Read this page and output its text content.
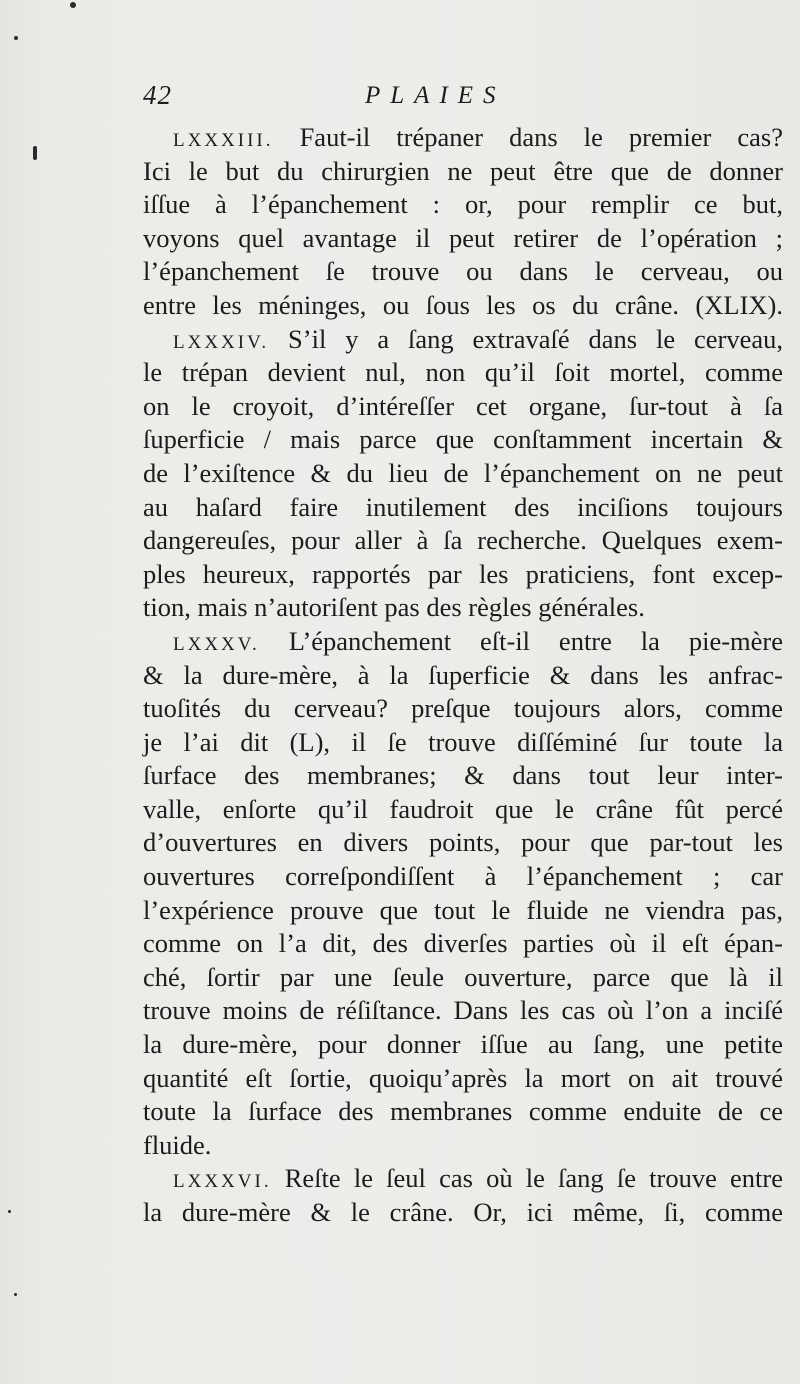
42	PLAIES
LXXXIII. Faut-il trépaner dans le premier cas?
Ici le but du chirurgien ne peut être que de donner
iſſue à l’épanchement : or, pour remplir ce but,
voyons quel avantage il peut retirer de l’opération ;
l’épanchement ſe trouve ou dans le cerveau, ou
entre les méninges, ou ſous les os du crâne. (XLIX).
LXXXIV. S’il y a ſang extravaſé dans le cerveau,
le trépan devient nul, non qu’il ſoit mortel, comme
on le croyoit, d’intéreſſer cet organe, ſur-tout à ſa
ſuperficie / mais parce que conſtamment incertain &
de l’exiſtence & du lieu de l’épanchement on ne peut
au haſard faire inutilement des inciſions toujours
dangereuſes, pour aller à ſa recherche. Quelques exem-
ples heureux, rapportés par les praticiens, font excep-
tion, mais n’autoriſent pas des règles générales.
LXXXV. L’épanchement eſt-il entre la pie-mère
& la dure-mère, à la ſuperficie & dans les anfrac-
tuoſités du cerveau? preſque toujours alors, comme
je l’ai dit (L), il ſe trouve diſſéminé ſur toute la
ſurface des membranes; & dans tout leur inter-
valle, enſorte qu’il faudroit que le crâne fût percé
d’ouvertures en divers points, pour que par-tout les
ouvertures correſpondiſſent à l’épanchement ; car
l’expérience prouve que tout le fluide ne viendra pas,
comme on l’a dit, des diverſes parties où il eſt épan-
ché, ſortir par une ſeule ouverture, parce que là il
trouve moins de réſiſtance. Dans les cas où l’on a inciſé
la dure-mère, pour donner iſſue au ſang, une petite
quantité eſt ſortie, quoiqu’après la mort on ait trouvé
toute la ſurface des membranes comme enduite de ce
fluide.
LXXXVI. Reſte le ſeul cas où le ſang ſe trouve entre
la dure-mère & le crâne. Or, ici même, ſi, comme
